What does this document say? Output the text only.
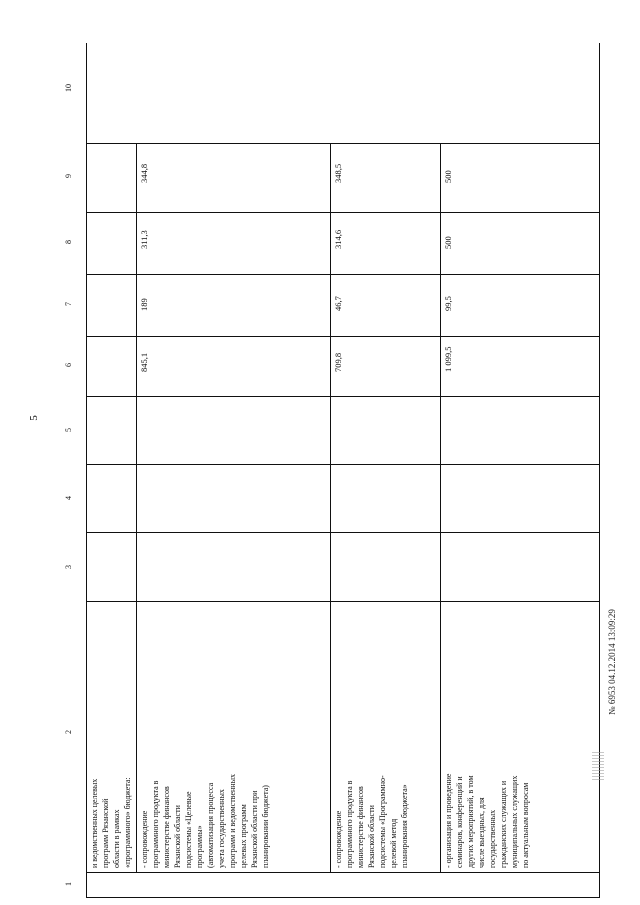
5
1
2
3
4
5
6
7
8
9
10
и ведомственных целевых программ Рязанской области в рамках «программного» бюджета: - сопровождение программного продукта в министерстве финансов Рязанской области подсистемы «Целевые программы» (автоматизация процесса учета государственных программ и ведомственных целевых программ Рязанской области при планировании бюджета)
845,1
189
311,3
344,8
- сопровождение программного продукта в министерстве финансов Рязанской области подсистемы «Программно- целевой метод планирования бюджета»
709,8
46,7
314,6
348,5
- организация и проведение семинаров, конференций и других мероприятий, в том числе выездных, для государственных гражданских служащих и муниципальных служащих по актуальным вопросам
1 099,5
99,5
500
500
№ 6953 04.12.2014 13:09:29
